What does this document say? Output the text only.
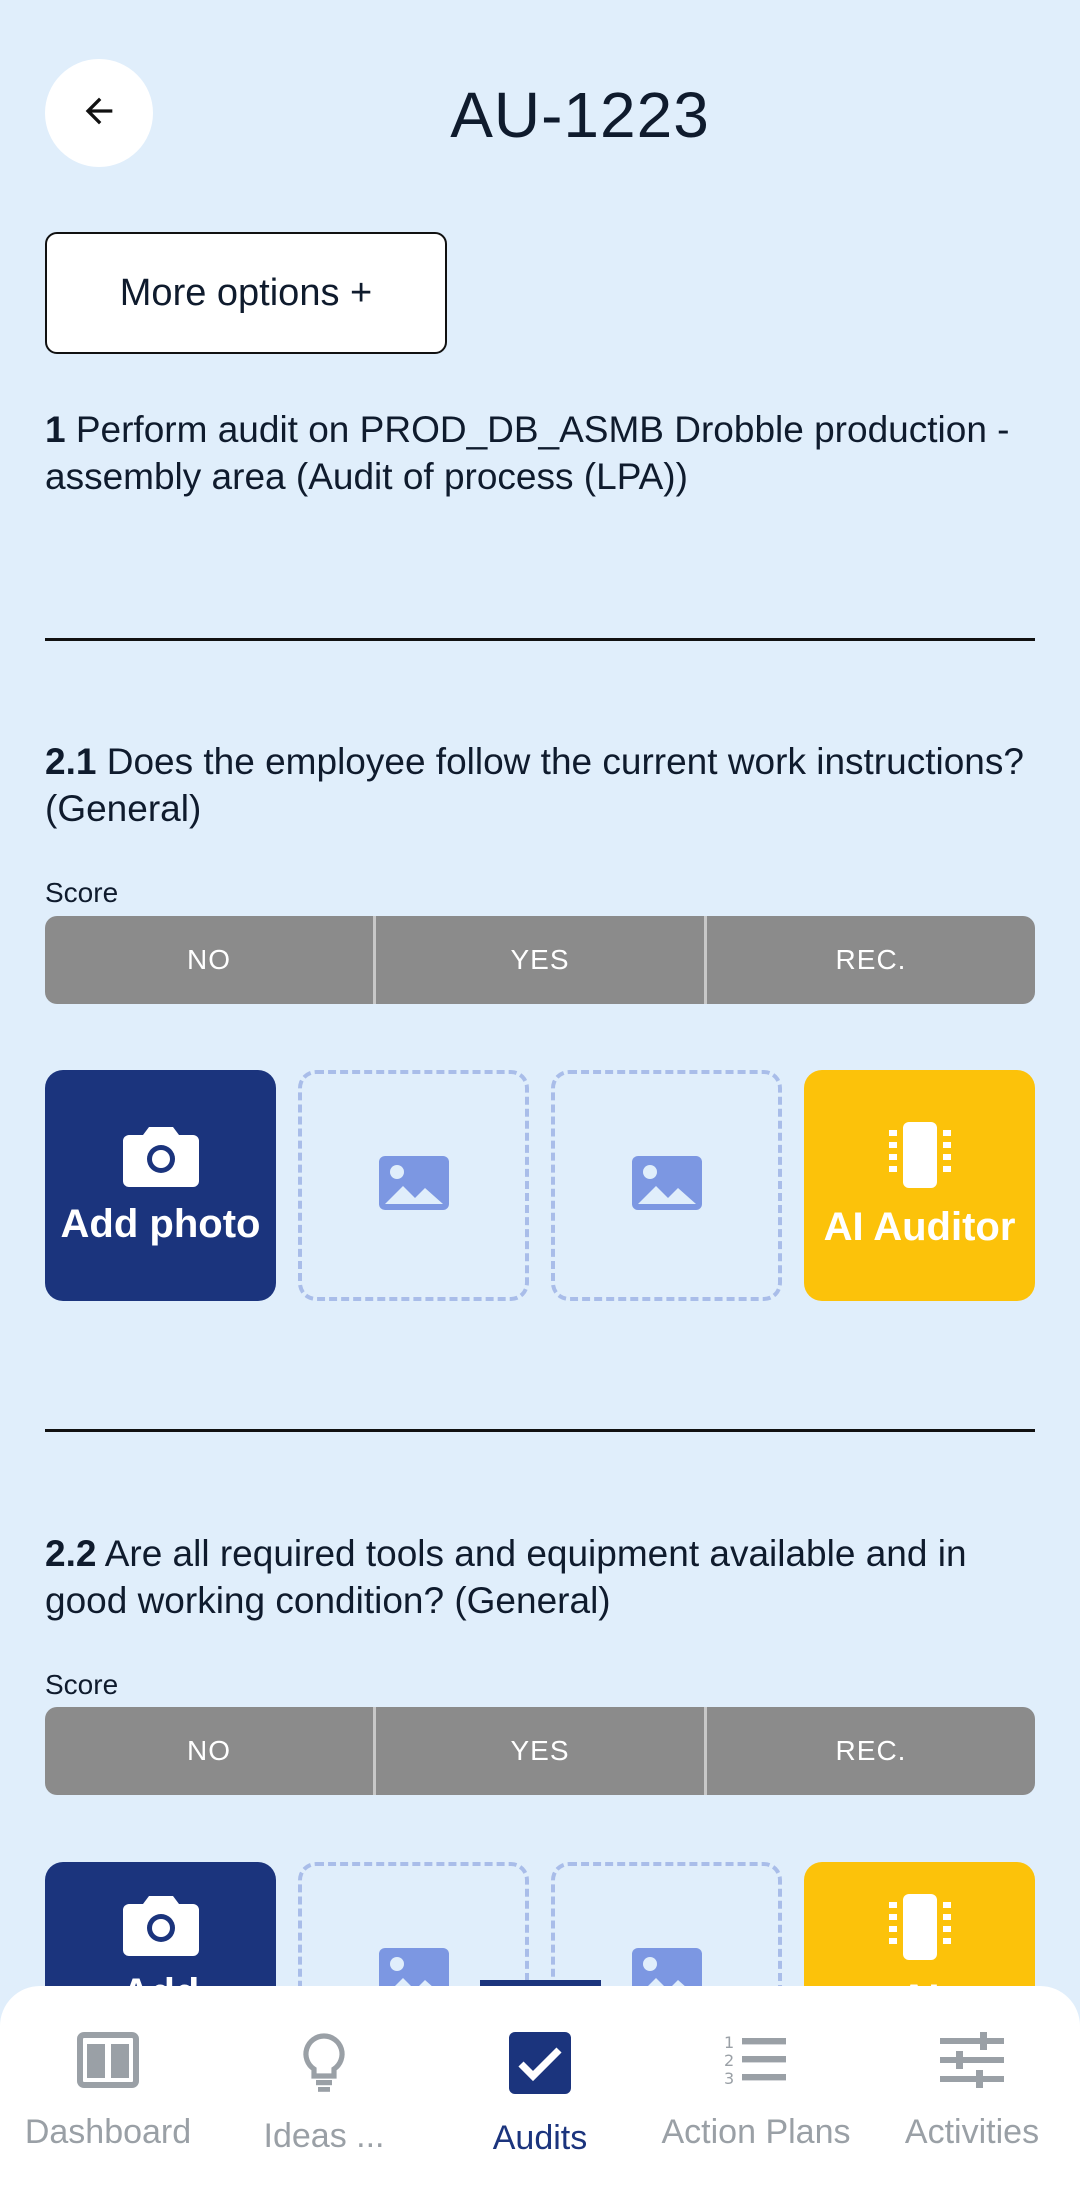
AU-1223
More options +
1 Perform audit on PROD_DB_ASMB Drobble production - assembly area (Audit of process (LPA))
2.1 Does the employee follow the current work instructions? (General)
Score
NO	YES	REC.
Add photo	AI Auditor
2.2 Are all required tools and equipment available and in good working condition? (General)
Score
NO	YES	REC.
Dashboard Ideas ...	Audits
1
2
3
Action Plans Activities
